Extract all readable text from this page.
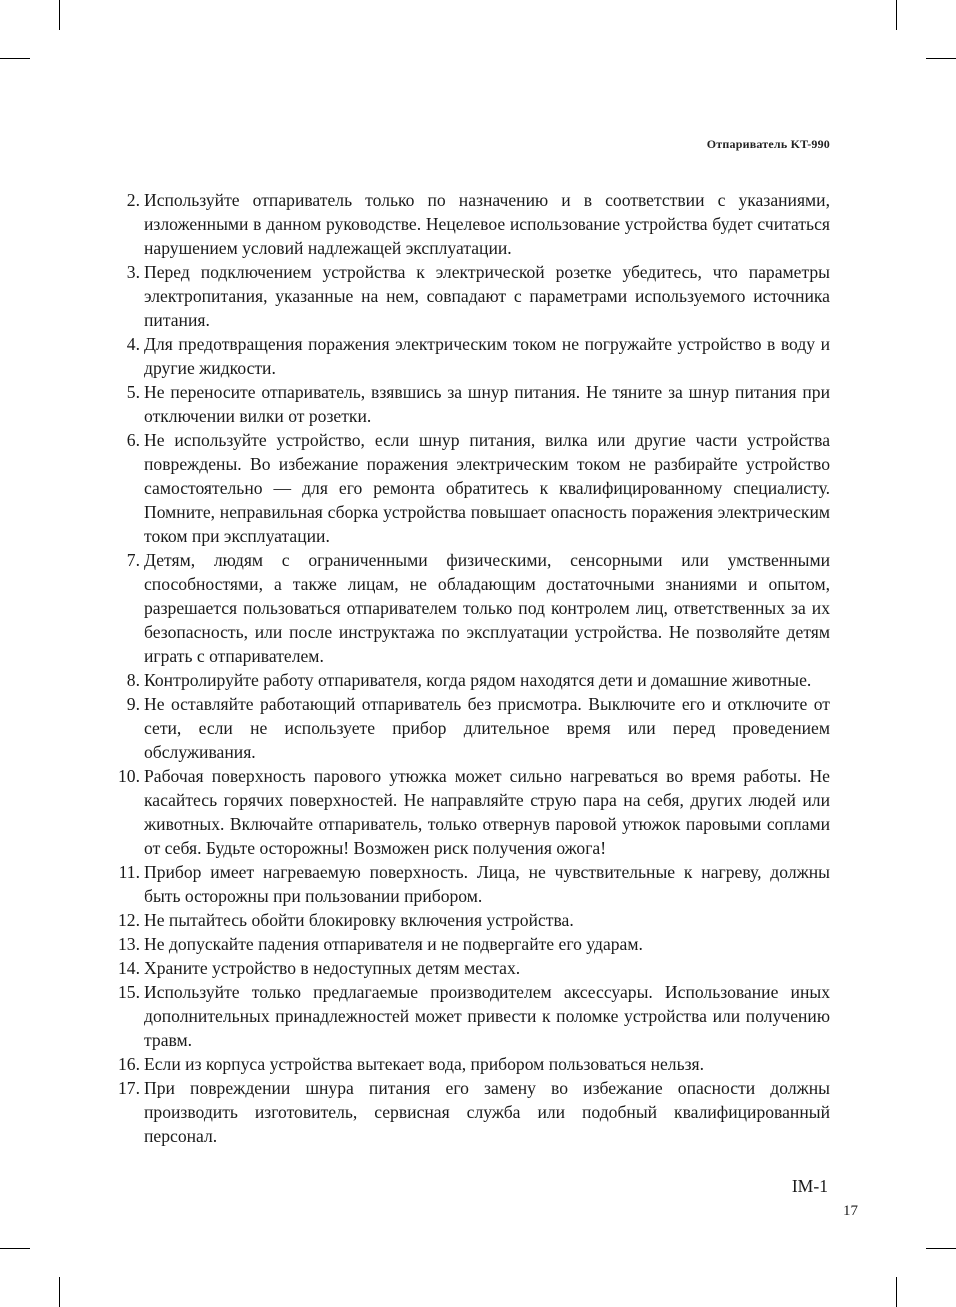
Отпариватель KT-990
2. Используйте отпариватель только по назначению и в соответствии с указаниями, изложенными в данном руководстве. Нецелевое использование устройства будет считаться нарушением условий надлежащей эксплуатации.
3. Перед подключением устройства к электрической розетке убедитесь, что параметры электропитания, указанные на нем, совпадают с параметрами используемого источника питания.
4. Для предотвращения поражения электрическим током не погружайте устройство в воду и другие жидкости.
5. Не переносите отпариватель, взявшись за шнур питания. Не тяните за шнур питания при отключении вилки от розетки.
6. Не используйте устройство, если шнур питания, вилка или другие части устройства повреждены. Во избежание поражения электрическим током не разбирайте устройство самостоятельно — для его ремонта обратитесь к квалифицированному специалисту. Помните, неправильная сборка устройства повышает опасность поражения электрическим током при эксплуатации.
7. Детям, людям с ограниченными физическими, сенсорными или умственными способностями, а также лицам, не обладающим достаточными знаниями и опытом, разрешается пользоваться отпаривателем только под контролем лиц, ответственных за их безопасность, или после инструктажа по эксплуатации устройства. Не позволяйте детям играть с отпаривателем.
8. Контролируйте работу отпаривателя, когда рядом находятся дети и домашние животные.
9. Не оставляйте работающий отпариватель без присмотра. Выключите его и отключите от сети, если не используете прибор длительное время или перед проведением обслуживания.
10. Рабочая поверхность парового утюжка может сильно нагреваться во время работы. Не касайтесь горячих поверхностей. Не направляйте струю пара на себя, других людей или животных. Включайте отпариватель, только отвернув паровой утюжок паровыми соплами от себя. Будьте осторожны! Возможен риск получения ожога!
11. Прибор имеет нагреваемую поверхность. Лица, не чувствительные к нагреву, должны быть осторожны при пользовании прибором.
12. Не пытайтесь обойти блокировку включения устройства.
13. Не допускайте падения отпаривателя и не подвергайте его ударам.
14. Храните устройство в недоступных детям местах.
15. Используйте только предлагаемые производителем аксессуары. Использование иных дополнительных принадлежностей может привести к поломке устройства или получению травм.
16. Если из корпуса устройства вытекает вода, прибором пользоваться нельзя.
17. При повреждении шнура питания его замену во избежание опасности должны производить изготовитель, сервисная служба или подобный квалифицированный персонал.
IM-1
17
